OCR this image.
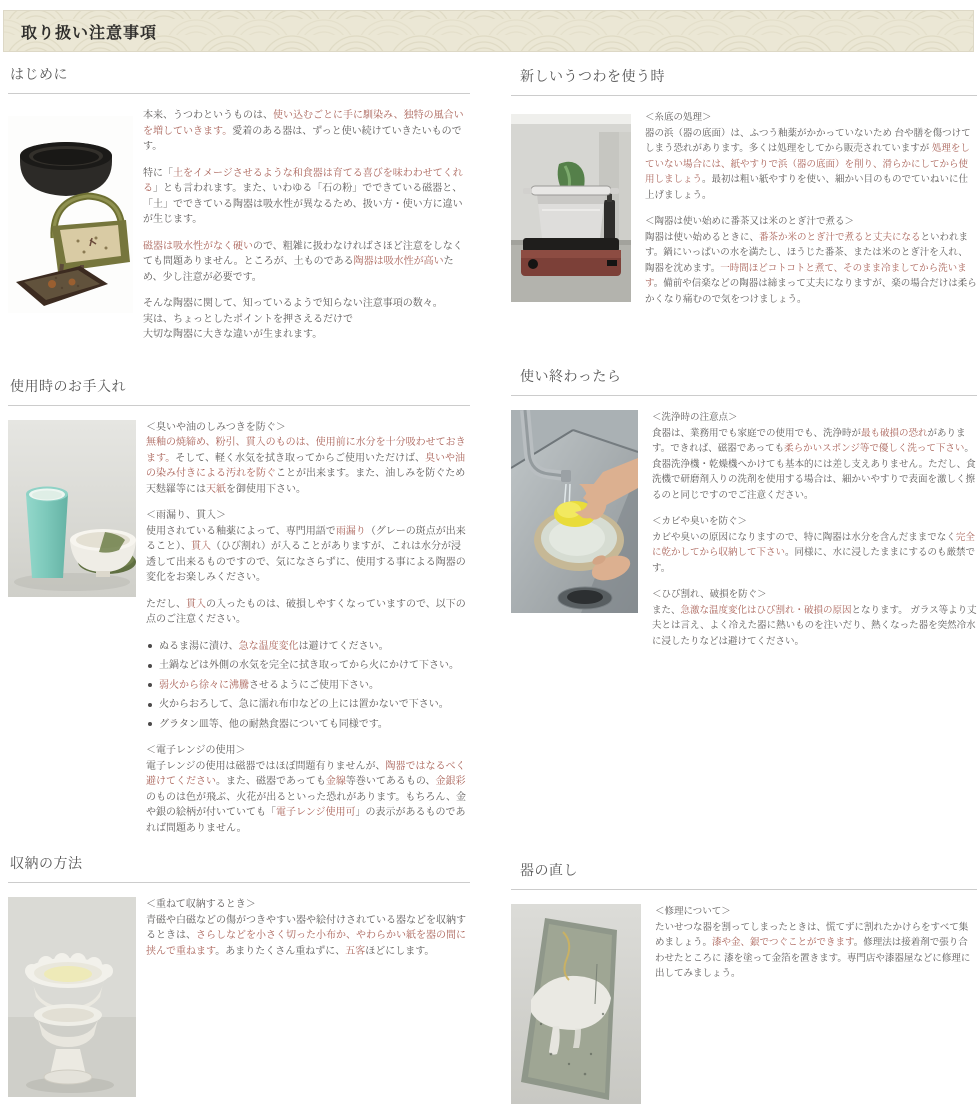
取り扱い注意事項
はじめに

本来、うつわというものは、使い込むごとに手に馴染み、独特の風合いを増していきます。愛着のある器は、ずっと使い続けていきたいものです。

特に「土をイメージさせるような和食器は育てる喜びを味わわせてくれる」とも言われます。また、いわゆる「石の粉」でできている磁器と、「土」でできている陶器は吸水性が異なるため、扱い方・使い方に違いが生じます。

磁器は吸水性がなく硬いので、粗雑に扱わなければさほど注意をしなくても問題ありません。ところが、土ものである陶器は吸水性が高いため、少し注意が必要です。

そんな陶器に関して、知っているようで知らない注意事項の数々。
実は、ちょっとしたポイントを押さえるだけで
大切な陶器に大きな違いが生まれます。

使用時のお手入れ
＜臭いや油のしみつきを防ぐ＞

無釉の焼締め、粉引、貫入のものは、使用前に水分を十分吸わせておきます。そして、軽く水気を拭き取ってからご使用いただけば、臭いや油の染み付きによる汚れを防ぐことが出来ます。また、油しみを防ぐため天麩羅等には天紙を御使用下さい。

＜雨漏り、貫入＞

使用されている釉薬によって、専門用語で雨漏り（グレーの斑点が出来ること）、貫入（ひび割れ）が入ることがありますが、これは水分が浸透して出来るものですので、気になさらずに、使用する事による陶器の変化をお楽しみください。

ただし、貫入の入ったものは、破損しやすくなっていますので、以下の点のご注意ください。

ぬるま湯に漬け、急な温度変化は避けてください。
土鍋などは外側の水気を完全に拭き取ってから火にかけて下さい。
弱火から徐々に沸騰させるようにご使用下さい。
火からおろして、急に濡れ布巾などの上には置かないで下さい。
グラタン皿等、他の耐熱食器についても同様です。
＜電子レンジの使用＞

電子レンジの使用は磁器ではほぼ問題有りませんが、陶器ではなるべく避けてください。また、磁器であっても金線等巻いてあるもの、金銀彩のものは色が飛ぶ、火花が出るといった恐れがあります。もちろん、金や銀の絵柄が付いていても「電子レンジ使用可」の表示があるものであれば問題ありません。

収納の方法
＜重ねて収納するとき＞

青磁や白磁などの傷がつきやすい器や絵付けされている器などを収納するときは、さらしなどを小さく切った小布か、やわらかい紙を器の間に挟んで重ねます。あまりたくさん重ねずに、五客ほどにします。

新しいうつわを使う時
＜糸底の処理＞

器の浜（器の底面）は、ふつう釉薬がかかっていないため 台や膳を傷つけてしまう恐れがあります。多くは処理をしてから販売されていますが 処理をしていない場合には、紙やすりで浜（器の底面）を削り、滑らかにしてから使用しましょう。最初は粗い紙やすりを使い、細かい目のものでていねいに仕上げましょう。

＜陶器は使い始めに番茶又は米のとぎ汁で煮る＞

陶器は使い始めるときに、番茶か米のとぎ汁で煮ると丈夫になるといわれます。鍋にいっぱいの水を満たし、ほうじた番茶、または米のとぎ汁を入れ、陶器を沈めます。一時間ほどコトコトと煮て、そのまま冷ましてから洗います。備前や信楽などの陶器は締まって丈夫になりますが、楽の場合だけは柔らかくなり痛むので気をつけましょう。

使い終わったら
＜洗浄時の注意点＞

食器は、業務用でも家庭での使用でも、洗浄時が最も破損の恐れがあります。できれば、磁器であっても柔らかいスポンジ等で優しく洗って下さい。食器洗浄機・乾燥機へかけても基本的には差し支えありません。ただし、食洗機で研磨剤入りの洗剤を使用する場合は、細かいやすりで表面を激しく擦るのと同じですのでご注意ください。

＜カビや臭いを防ぐ＞

カビや臭いの原因になりますので、特に陶器は水分を含んだままでなく完全に乾かしてから収納して下さい。同様に、水に浸したままにするのも厳禁です。

＜ひび割れ、破損を防ぐ＞

また、急激な温度変化はひび割れ・破損の原因となります。 ガラス等より丈夫とは言え、よく冷えた器に熱いものを注いだり、熱くなった器を突然冷水に浸したりなどは避けてください。

器の直し
＜修理について＞

たいせつな器を割ってしまったときは、慌てずに割れたかけらをすべて集めましょう。漆や金、銀でつぐことができます。修理法は接着剤で張り合わせたところに 漆を塗って金箔を置きます。専門店や漆器屋などに修理に出してみましょう。
